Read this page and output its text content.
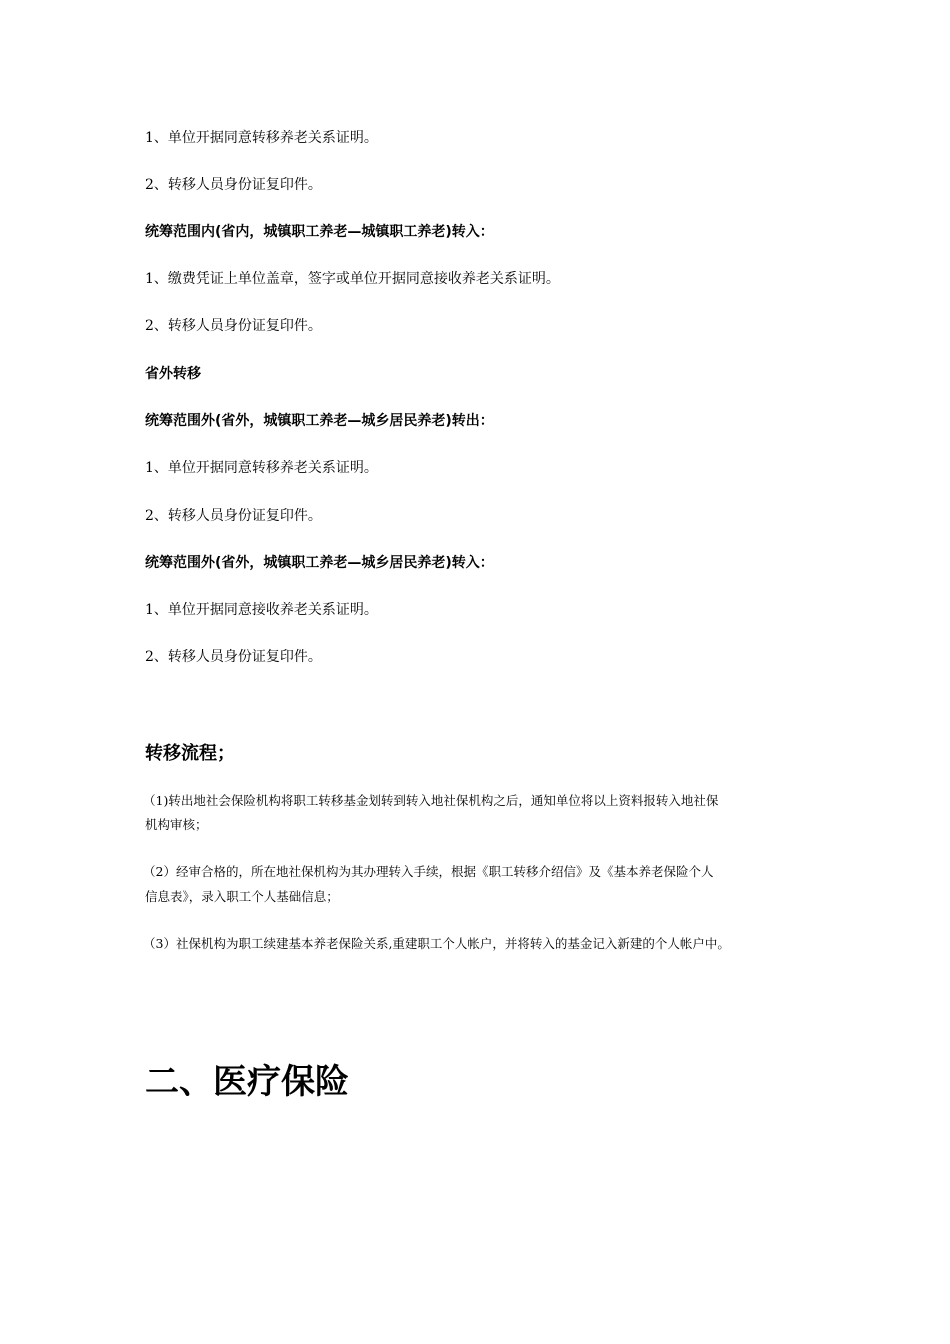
1、单位开据同意转移养老关系证明。
2、转移人员身份证复印件。
统筹范围内(省内，城镇职工养老—城镇职工养老)转入：
1、缴费凭证上单位盖章，签字或单位开据同意接收养老关系证明。
2、转移人员身份证复印件。
省外转移
统筹范围外(省外，城镇职工养老—城乡居民养老)转出：
1、单位开据同意转移养老关系证明。
2、转移人员身份证复印件。
统筹范围外(省外，城镇职工养老—城乡居民养老)转入：
1、单位开据同意接收养老关系证明。
2、转移人员身份证复印件。
转移流程；
（1)转出地社会保险机构将职工转移基金划转到转入地社保机构之后，通知单位将以上资料报转入地社保
机构审核；
（2）经审合格的，所在地社保机构为其办理转入手续，根据《职工转移介绍信》及《基本养老保险个人
信息表》，录入职工个人基础信息；
（3）社保机构为职工续建基本养老保险关系,重建职工个人帐户，并将转入的基金记入新建的个人帐户中。
二、医疗保险
